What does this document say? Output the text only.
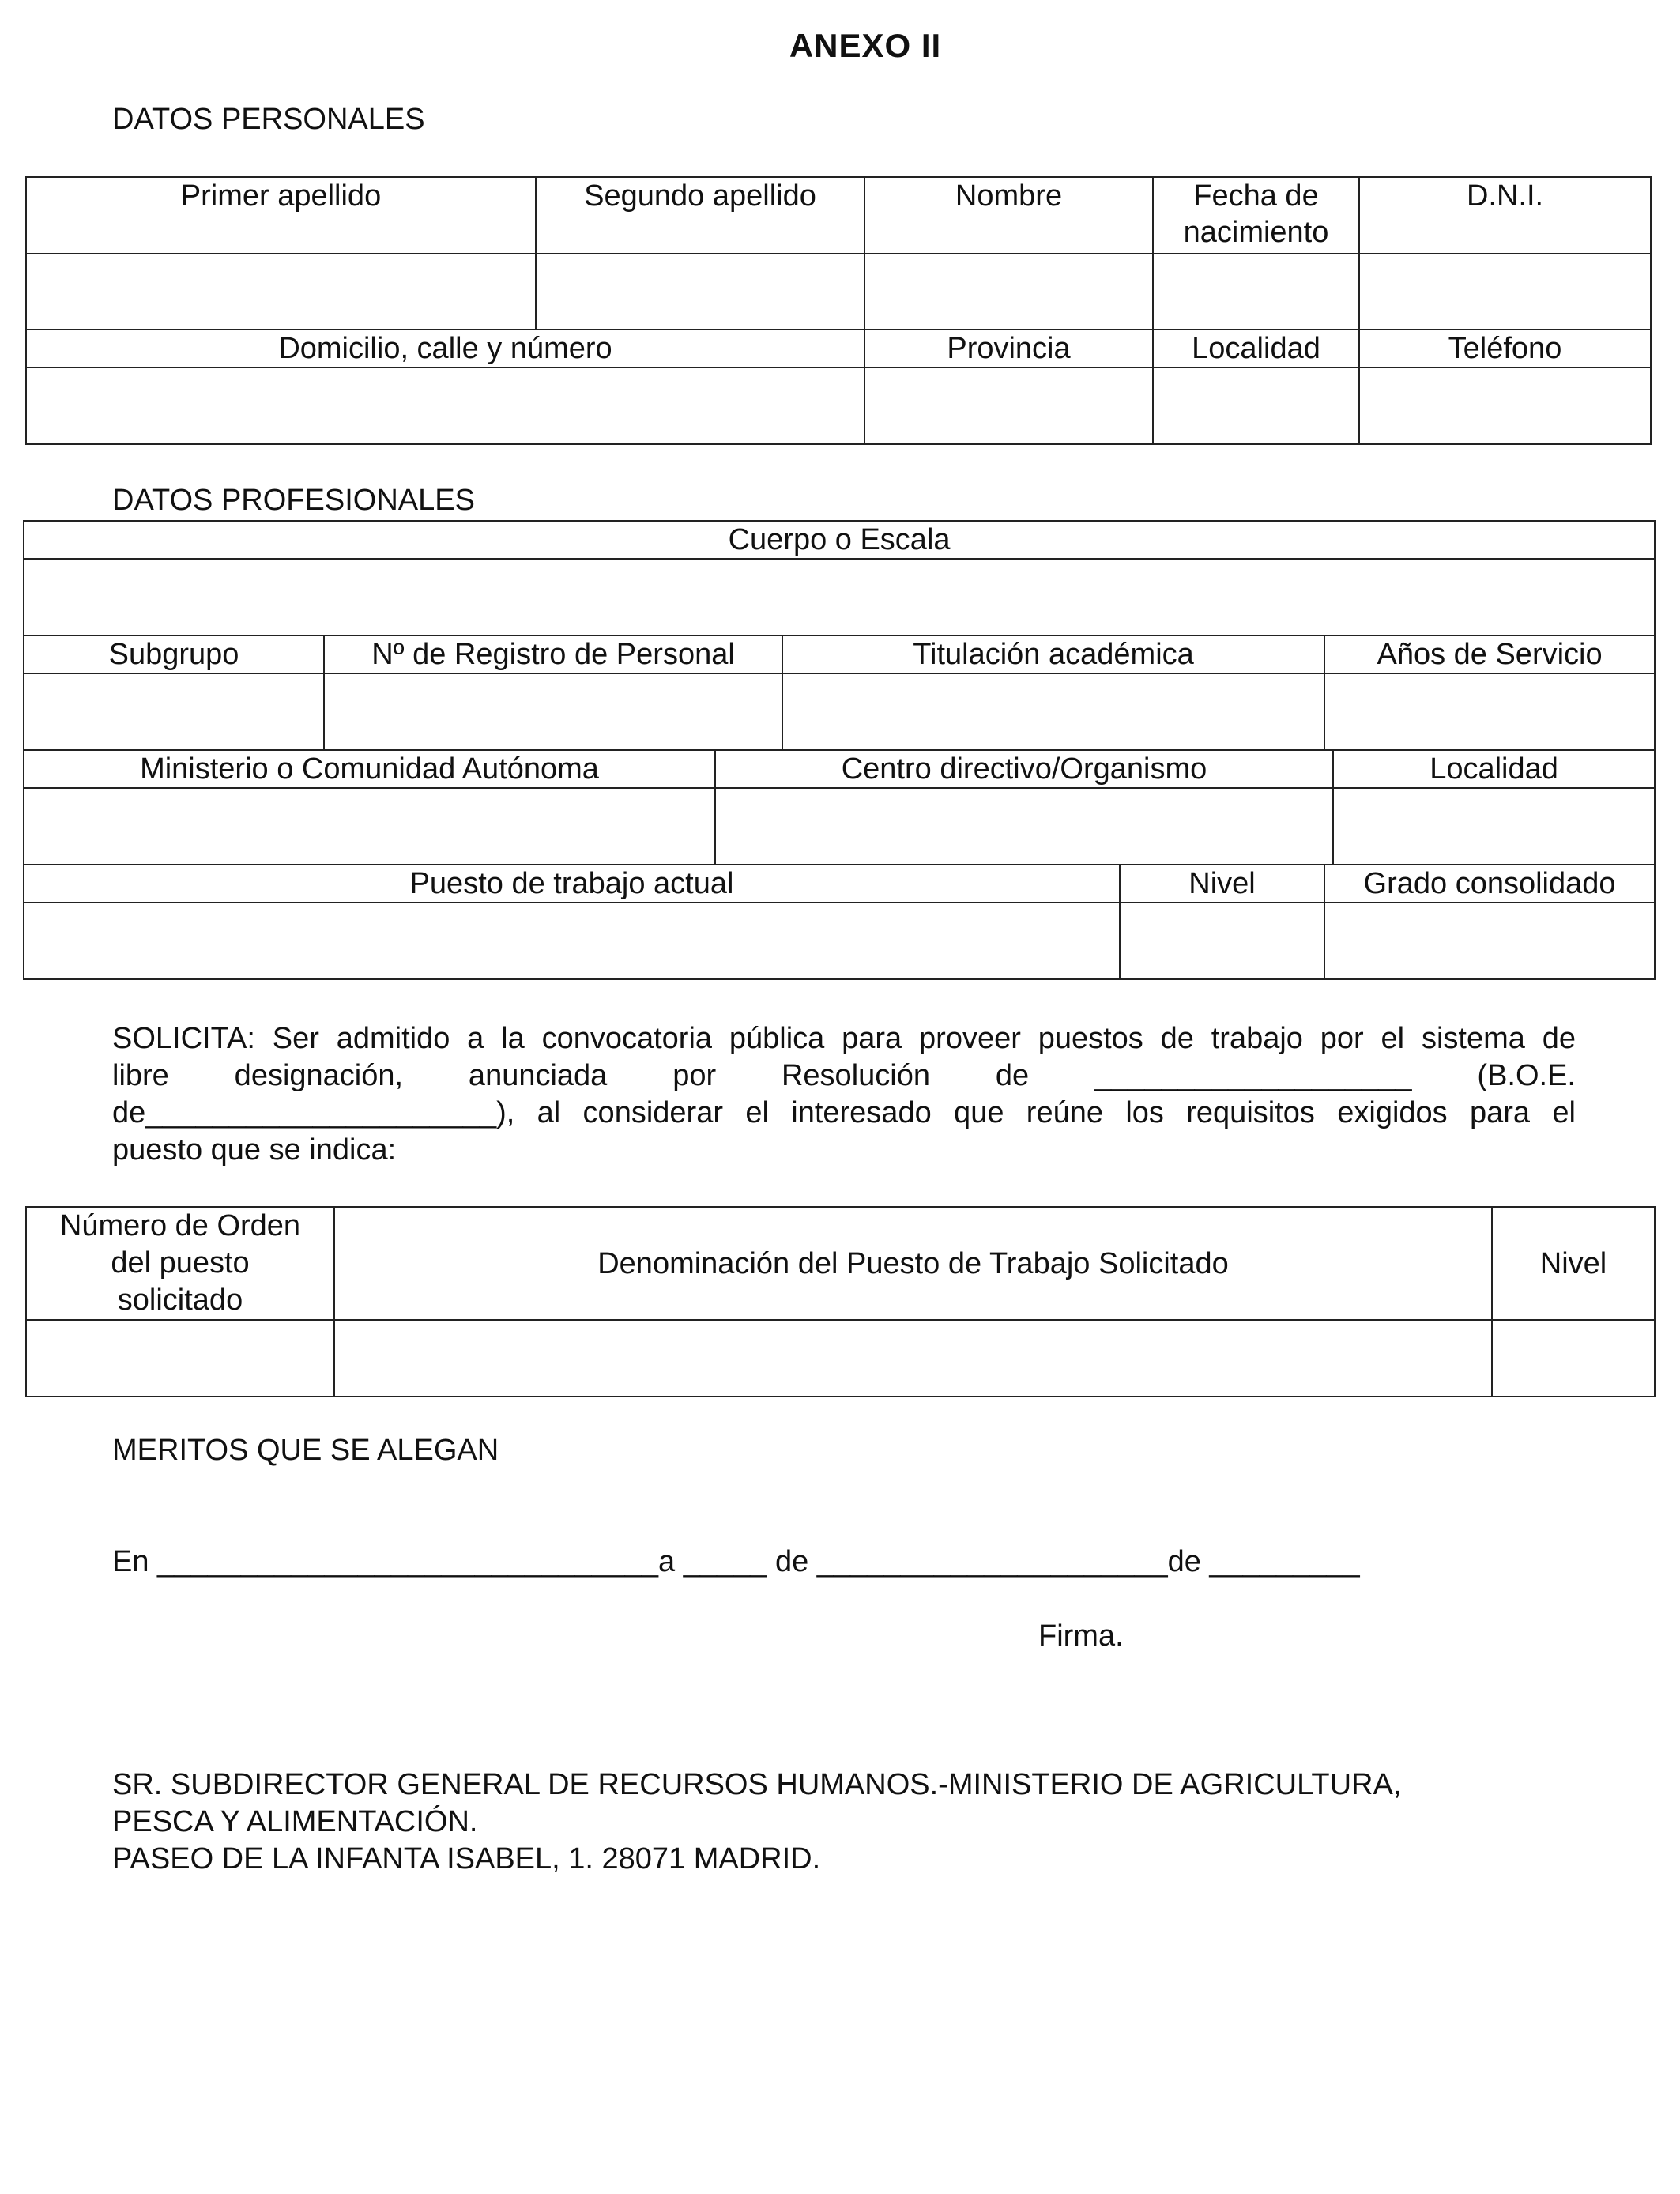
ANEXO II
DATOS PERSONALES
Primer apellido	Segundo apellido	Nombre	Fecha de
nacimiento	D.N.I.

Domicilio, calle y número		Provincia	Localidad	Teléfono

DATOS PROFESIONALES
Cuerpo o Escala						

Subgrupo	Nº de Registro de Personal		Titulación académica		Años de Servicio	

Ministerio o Comunidad Autónoma		Centro directivo/Organismo				Localidad

Puesto de trabajo actual				Nivel	Grado consolidado	

SOLICITA: Ser admitido a la convocatoria pública para proveer puestos de trabajo por el sistema de
libre designación, anunciada por Resolución de ___________________ (B.O.E.
de_____________________), al considerar el interesado que reúne los requisitos exigidos para el
puesto que se indica:
Número de Orden
del puesto
solicitado	Denominación del Puesto de Trabajo Solicitado	Nivel

MERITOS QUE SE ALEGAN
En ______________________________a _____ de _____________________de _________
Firma.
SR. SUBDIRECTOR GENERAL DE RECURSOS HUMANOS.-MINISTERIO DE AGRICULTURA,
PESCA Y ALIMENTACIÓN.
PASEO DE LA INFANTA ISABEL, 1. 28071 MADRID.
